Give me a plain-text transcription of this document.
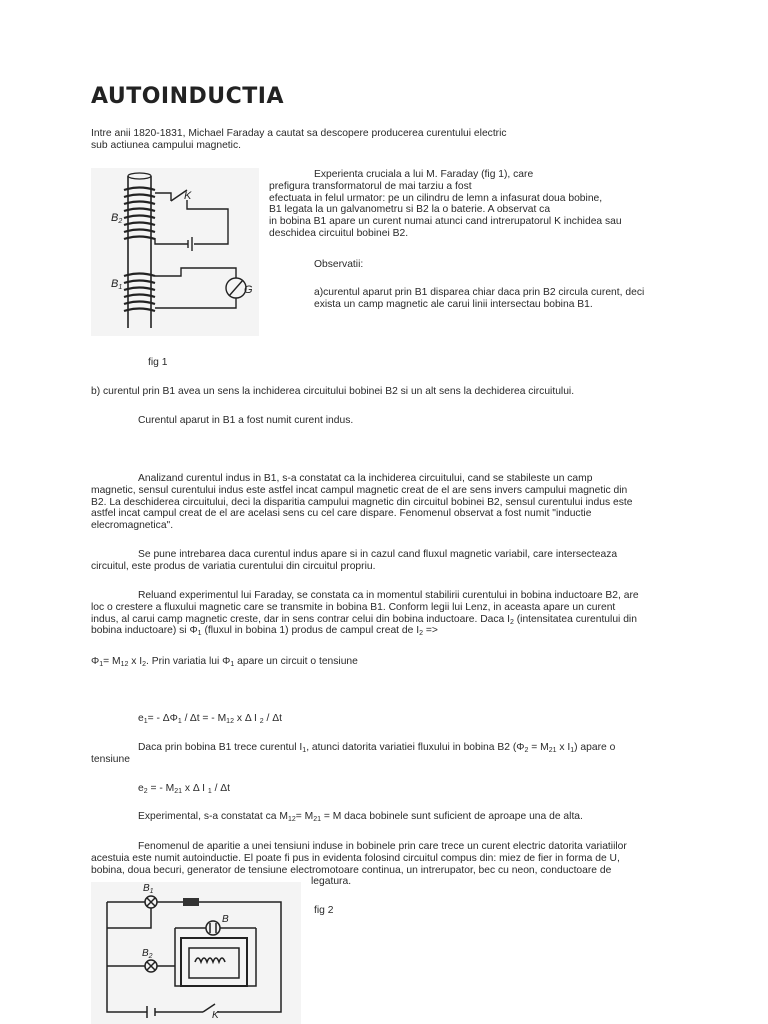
AUTOINDUCTIA
Intre anii 1820-1831, Michael Faraday a cautat sa descopere producerea curentului electric
sub actiunea campului magnetic.
K
$B_2$
$B_1$	G
Experienta cruciala a lui M. Faraday (fig 1), care
prefigura transformatorul de mai tarziu a fost
efectuata in felul urmator: pe un cilindru de lemn a infasurat doua bobine,
B1 legata la un galvanometru si B2 la o baterie. A observat ca
in bobina B1 apare un curent numai atunci cand intrerupatorul K inchidea sau
deschidea circuitul bobinei B2.
Observatii:
a)curentul aparut prin B1 disparea chiar daca prin B2 circula curent, deci
exista un camp magnetic ale carui linii intersectau bobina B1.
fig 1
b) curentul prin B1 avea un sens la inchiderea circuitului bobinei B2 si un alt sens la dechiderea circuitului.
Curentul aparut in B1 a fost numit curent indus.
Analizand curentul indus in B1, s-a constatat ca la inchiderea circuitului, cand se stabileste un camp
magnetic, sensul curentului indus este astfel incat campul magnetic creat de el are sens invers campului magnetic din
B2. La deschiderea circuitului, deci la disparitia campului magnetic din circuitul bobinei B2, sensul curentului indus este
astfel incat campul creat de el are acelasi sens cu cel care dispare. Fenomenul observat a fost numit "inductie
elecromagnetica".
Se pune intrebarea daca curentul indus apare si in cazul cand fluxul magnetic variabil, care intersecteaza
circuitul, este produs de variatia curentului din circuitul propriu.
Reluand experimentul lui Faraday, se constata ca in momentul stabilirii curentului in bobina inductoare B2, are
loc o crestere a fluxului magnetic care se transmite in bobina B1. Conform legii lui Lenz, in aceasta apare un curent
indus, al carui camp magnetic creste, dar in sens contrar celui din bobina inductoare. Daca $I_2$ (intensitatea curentului din
bobina inductoare) si $\Phi_1$ (fluxul in bobina 1) produs de campul creat de $I_2$ =>
$\Phi_1= M_{12}$ x $I_2$. Prin variatia lui $\Phi_1$ apare un circuit o tensiune
$e_1= - \Delta\Phi_1 / \Delta t$ = - $M_{12}$ x Δ I $_2$ / Δt
Daca prin bobina B1 trece curentul $I_1$, atunci datorita variatiei fluxului in bobina B2 ($\Phi_2 = M_{21}$ x $I_1$) apare o
tensiune
$e_2$ = - $M_{21}$ x Δ I $_1$ / Δt
Experimental, s-a constatat ca $M_{12}= M_{21} = M$ daca bobinele sunt suficient de aproape una de alta.
Fenomenul de aparitie a unei tensiuni induse in bobinele prin care trece un curent electric datorita variatiilor
acestuia este numit autoinductie. El poate fi pus in evidenta folosind circuitul compus din: miez de fier in forma de U,
bobina, doua becuri, generator de tensiune electromotoare continua, un intrerupator, bec cu neon, conductoare de
legatura.
$B_1$
$B_2$
B
K
fig 2
